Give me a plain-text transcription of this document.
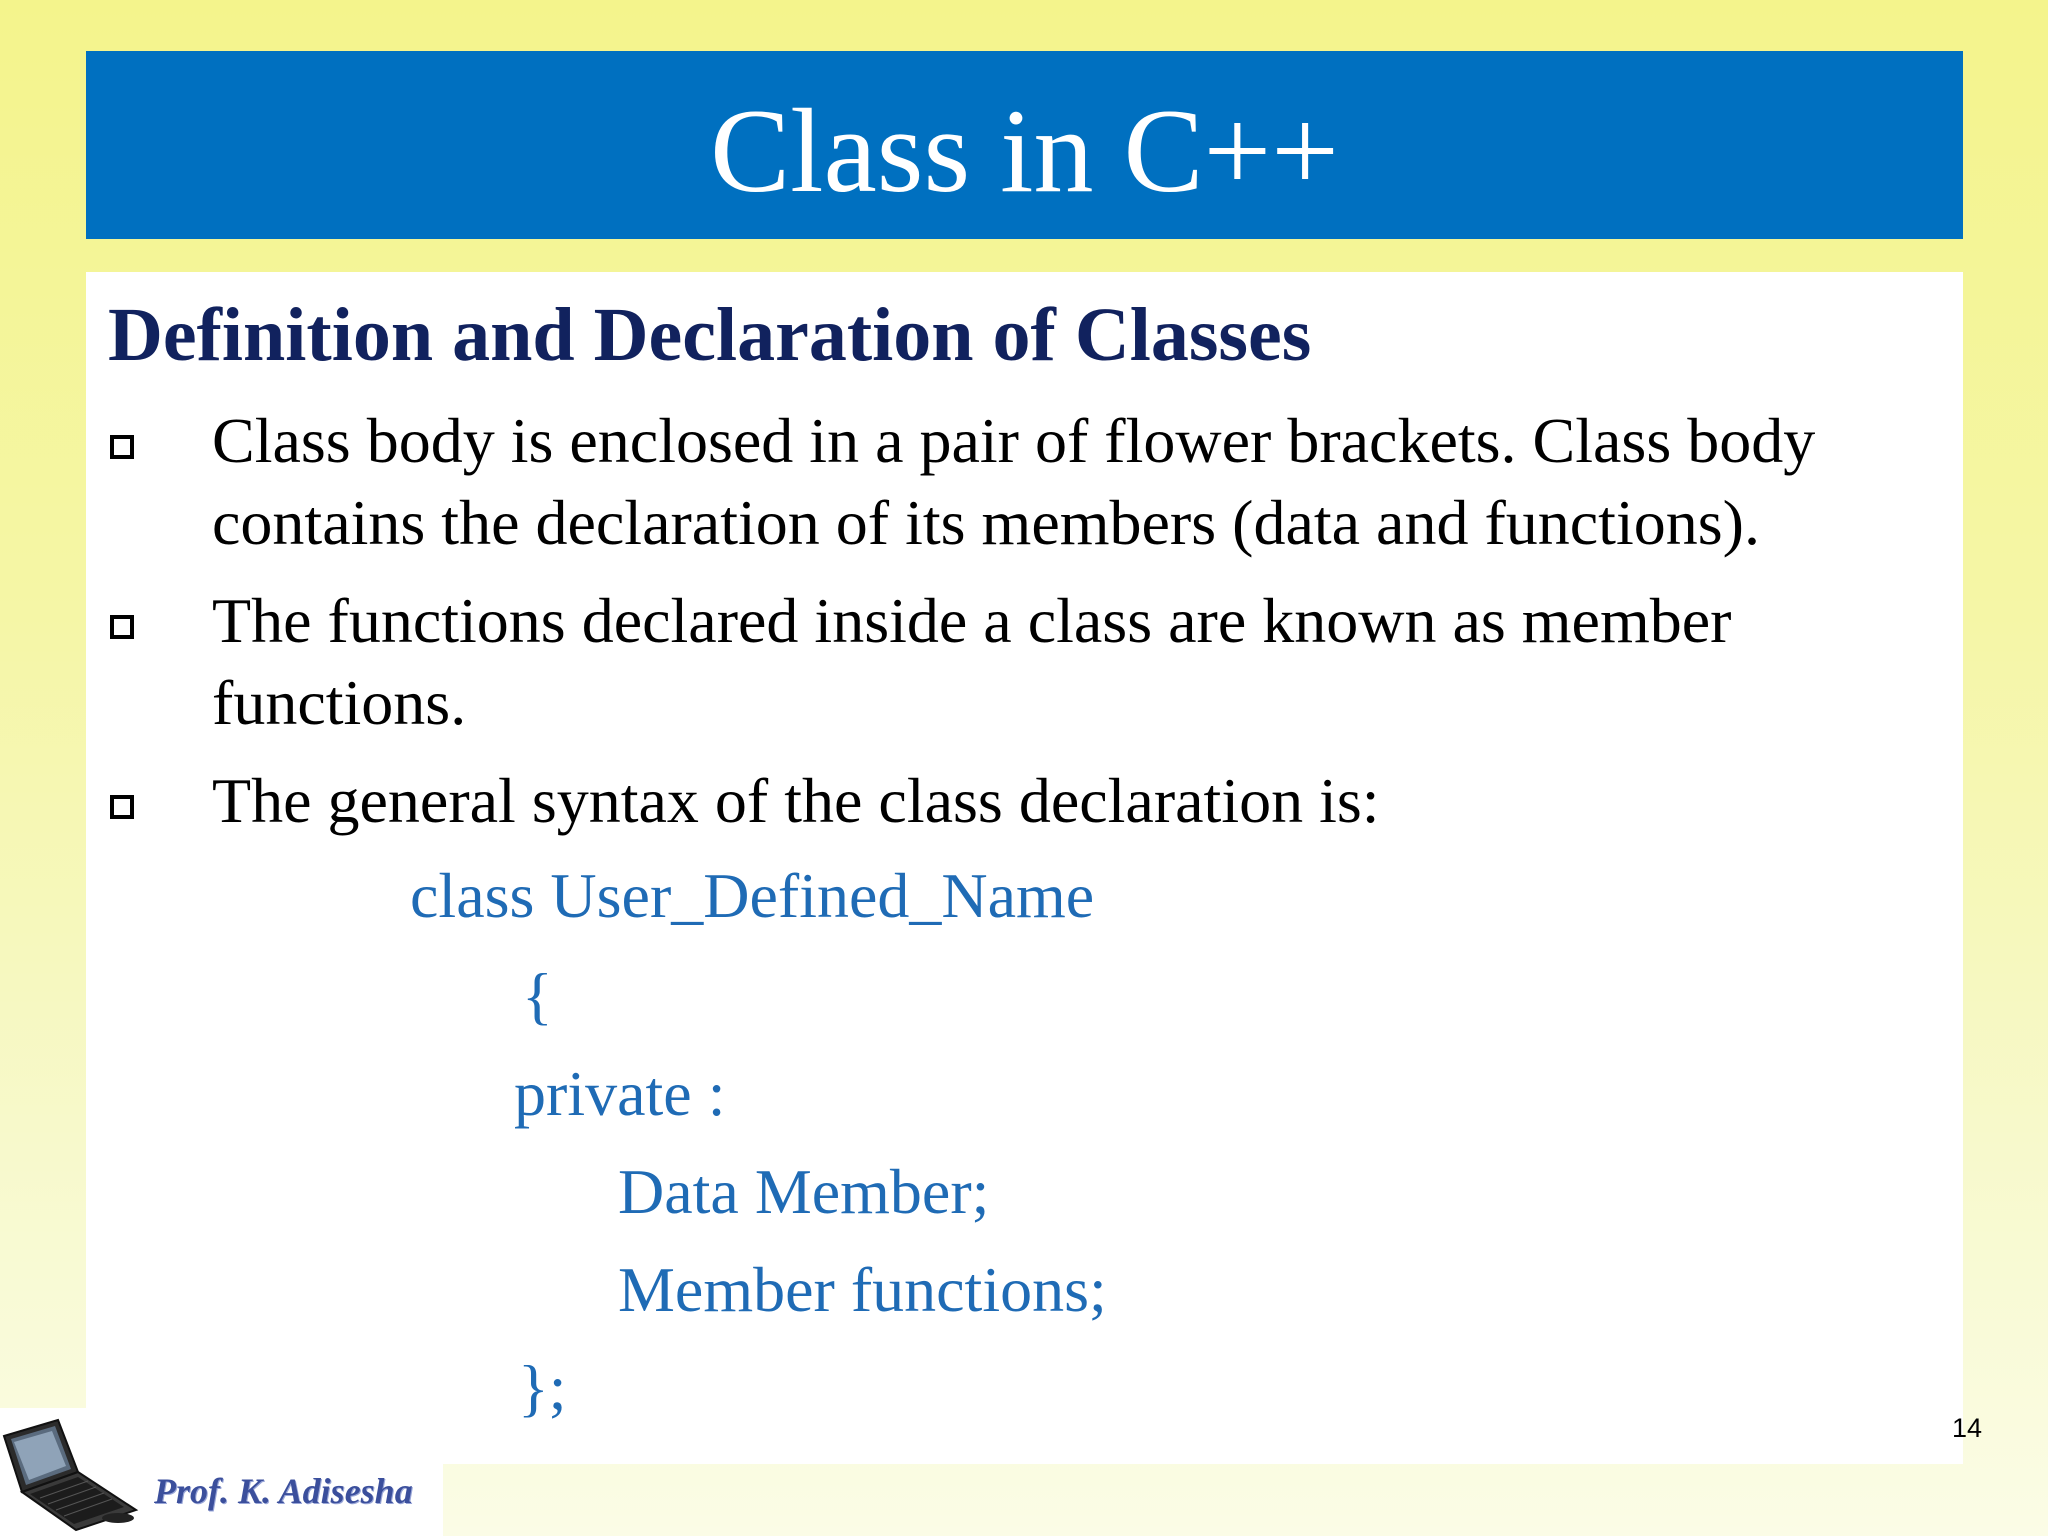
Class in C++
Definition and Declaration of Classes
Class body is enclosed in a pair of flower brackets. Class body
contains the declaration of its members (data and functions).
The functions declared inside a class are known as member
functions.
The general syntax of the class declaration is:
class User_Defined_Name
{
private :
Data Member;
Member functions;
};
14
Prof. K. Adisesha
